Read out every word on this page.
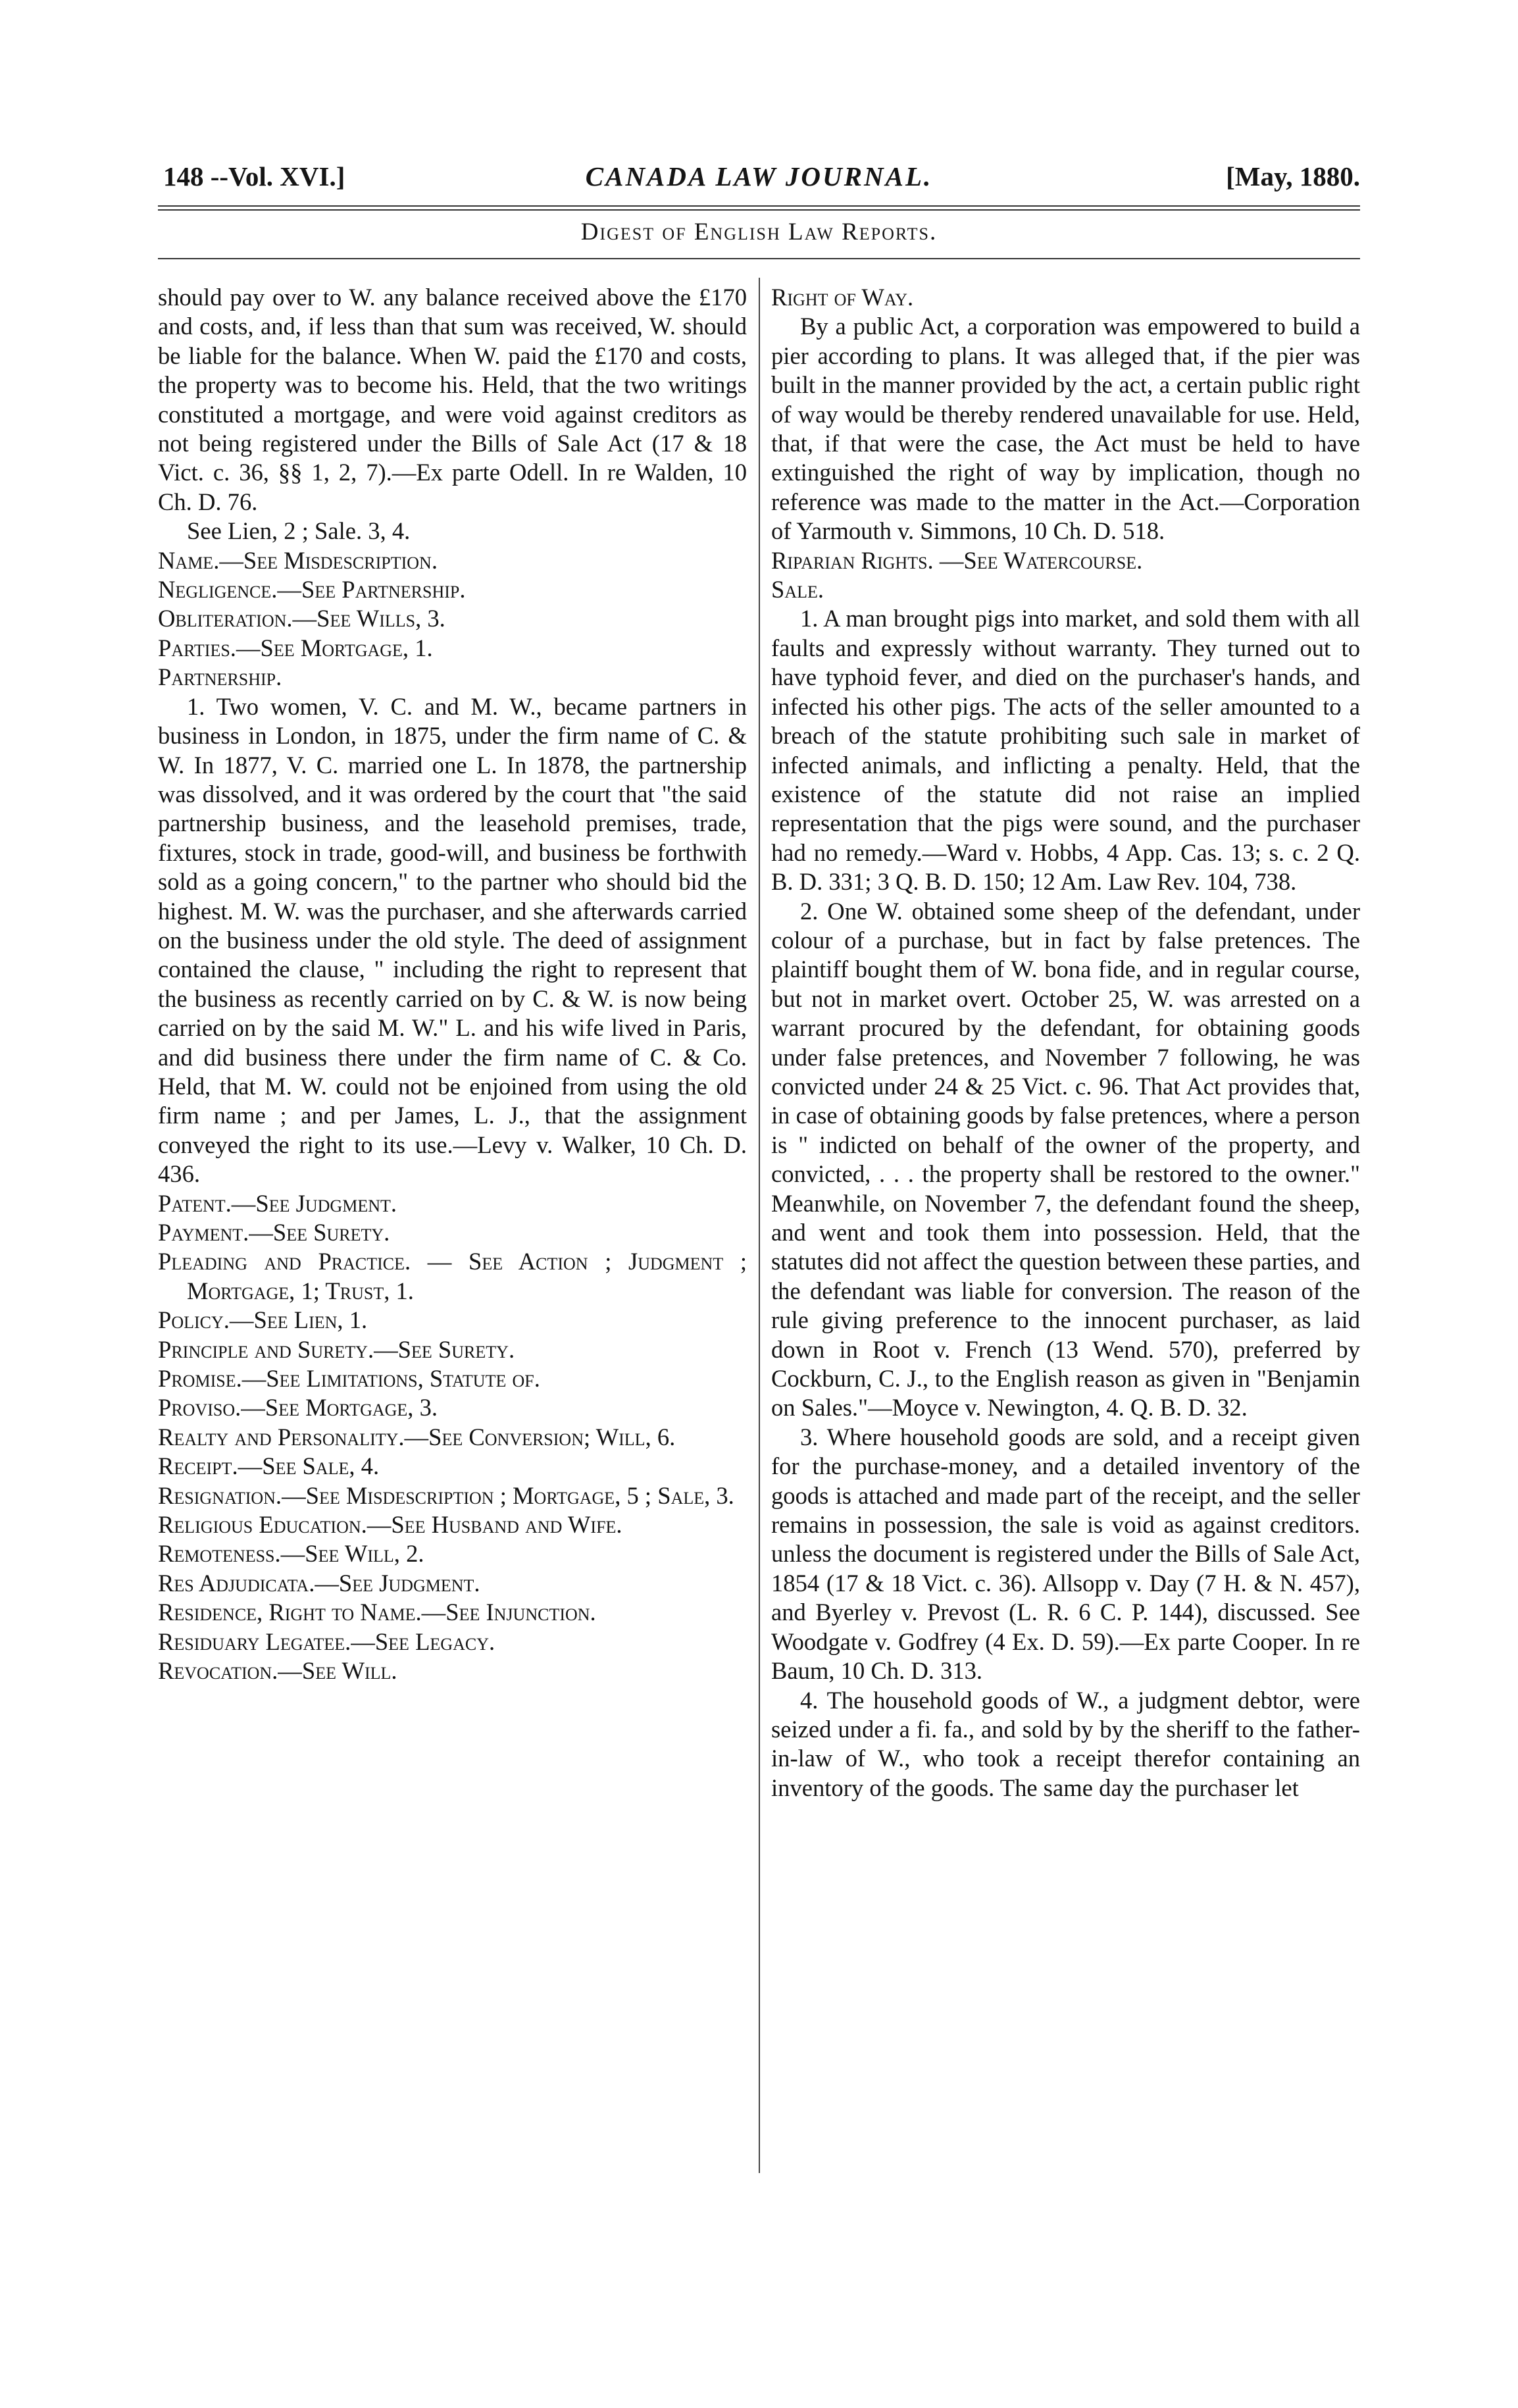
148 --Vol. XVI.]	CANADA LAW JOURNAL.	[May, 1880.
Digest of English Law Reports.

should pay over to W. any balance received above the £170 and costs, and, if less than that sum was received, W. should be liable for the balance. When W. paid the £170 and costs, the property was to become his. Held, that the two writings constituted a mortgage, and were void against creditors as not being registered under the Bills of Sale Act (17 & 18 Vict. c. 36, §§ 1, 2, 7).—Ex parte Odell. In re Walden, 10 Ch. D. 76.

See Lien, 2 ; Sale. 3, 4.

Name.—See Misdescription.

Negligence.—See Partnership.

Obliteration.—See Wills, 3.

Parties.—See Mortgage, 1.

Partnership.

1. Two women, V. C. and M. W., became partners in business in London, in 1875, under the firm name of C. & W. In 1877, V. C. married one L. In 1878, the partnership was dissolved, and it was ordered by the court that "the said partnership business, and the leasehold premises, trade, fixtures, stock in trade, good-will, and business be forthwith sold as a going concern," to the partner who should bid the highest. M. W. was the purchaser, and she afterwards carried on the business under the old style. The deed of assignment contained the clause, " including the right to represent that the business as recently carried on by C. & W. is now being carried on by the said M. W." L. and his wife lived in Paris, and did business there under the firm name of C. & Co. Held, that M. W. could not be enjoined from using the old firm name ; and per James, L. J., that the assignment conveyed the right to its use.—Levy v. Walker, 10 Ch. D. 436.

Patent.—See Judgment.

Payment.—See Surety.

Pleading and Practice. — See Action ; Judgment ; Mortgage, 1; Trust, 1.

Policy.—See Lien, 1.

Principle and Surety.—See Surety.

Promise.—See Limitations, Statute of.

Proviso.—See Mortgage, 3.

Realty and Personality.—See Conversion; Will, 6.

Receipt.—See Sale, 4.

Resignation.—See Misdescription ; Mortgage, 5 ; Sale, 3.

Religious Education.—See Husband and Wife.

Remoteness.—See Will, 2.

Res Adjudicata.—See Judgment.

Residence, Right to Name.—See Injunction.

Residuary Legatee.—See Legacy.

Revocation.—See Will.

Right of Way.

By a public Act, a corporation was empowered to build a pier according to plans. It was alleged that, if the pier was built in the manner provided by the act, a certain public right of way would be thereby rendered unavailable for use. Held, that, if that were the case, the Act must be held to have extinguished the right of way by implication, though no reference was made to the matter in the Act.—Corporation of Yarmouth v. Simmons, 10 Ch. D. 518.

Riparian Rights. —See Watercourse.

Sale.

1. A man brought pigs into market, and sold them with all faults and expressly without warranty. They turned out to have typhoid fever, and died on the purchaser's hands, and infected his other pigs. The acts of the seller amounted to a breach of the statute prohibiting such sale in market of infected animals, and inflicting a penalty. Held, that the existence of the statute did not raise an implied representation that the pigs were sound, and the purchaser had no remedy.—Ward v. Hobbs, 4 App. Cas. 13; s. c. 2 Q. B. D. 331; 3 Q. B. D. 150; 12 Am. Law Rev. 104, 738.

2. One W. obtained some sheep of the defendant, under colour of a purchase, but in fact by false pretences. The plaintiff bought them of W. bona fide, and in regular course, but not in market overt. October 25, W. was arrested on a warrant procured by the defendant, for obtaining goods under false pretences, and November 7 following, he was convicted under 24 & 25 Vict. c. 96. That Act provides that, in case of obtaining goods by false pretences, where a person is " indicted on behalf of the owner of the property, and convicted, . . . the property shall be restored to the owner." Meanwhile, on November 7, the defendant found the sheep, and went and took them into possession. Held, that the statutes did not affect the question between these parties, and the defendant was liable for conversion. The reason of the rule giving preference to the innocent purchaser, as laid down in Root v. French (13 Wend. 570), preferred by Cockburn, C. J., to the English reason as given in "Benjamin on Sales."—Moyce v. Newington, 4. Q. B. D. 32.

3. Where household goods are sold, and a receipt given for the purchase-money, and a detailed inventory of the goods is attached and made part of the receipt, and the seller remains in possession, the sale is void as against creditors. unless the document is registered under the Bills of Sale Act, 1854 (17 & 18 Vict. c. 36). Allsopp v. Day (7 H. & N. 457), and Byerley v. Prevost (L. R. 6 C. P. 144), discussed. See Woodgate v. Godfrey (4 Ex. D. 59).—Ex parte Cooper. In re Baum, 10 Ch. D. 313.

4. The household goods of W., a judgment debtor, were seized under a fi. fa., and sold by by the sheriff to the father-in-law of W., who took a receipt therefor containing an inventory of the goods. The same day the purchaser let
